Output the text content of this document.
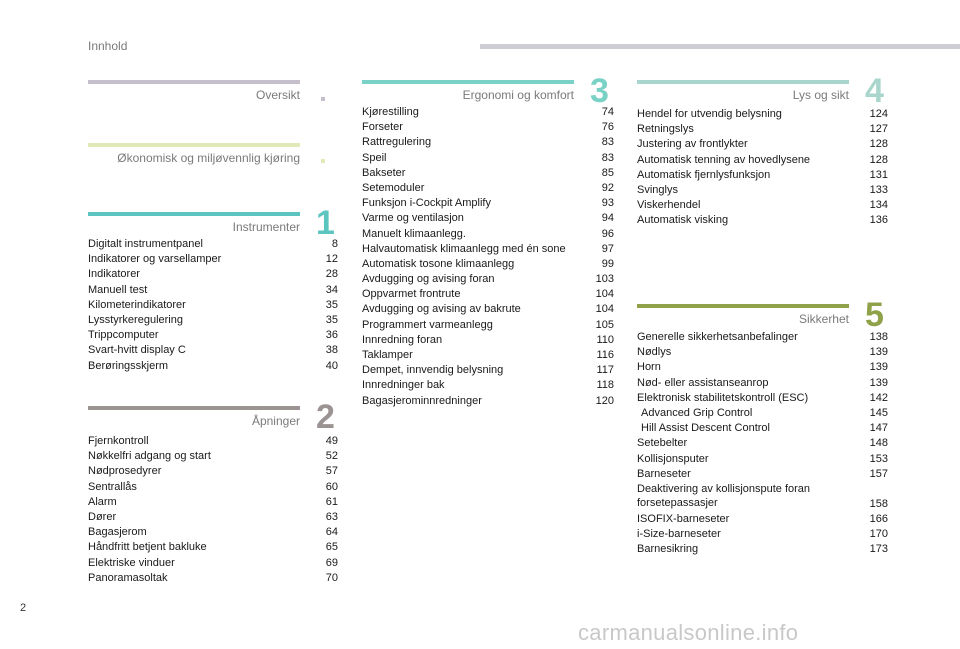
Innhold
Oversikt
Økonomisk og miljøvennlig kjøring
Instrumenter 1
Digitalt instrumentpanel	8
Indikatorer og varsellamper	12
Indikatorer	28
Manuell test	34
Kilometerindikatorer	35
Lysstyrkeregulering	35
Trippcomputer	36
Svart-hvitt display C	38
Berøringsskjerm	40
Åpninger 2
Fjernkontroll	49
Nøkkelfri adgang og start	52
Nødprosedyrer	57
Sentrallås	60
Alarm	61
Dører	63
Bagasjerom	64
Håndfritt betjent bakluke	65
Elektriske vinduer	69
Panoramasoltak	70
Ergonomi og komfort 3
Kjørestilling	74
Forseter	76
Rattregulering	83
Speil	83
Bakseter	85
Setemoduler	92
Funksjon i-Cockpit Amplify	93
Varme og ventilasjon	94
Manuelt klimaanlegg.	96
Halvautomatisk klimaanlegg med én sone	97
Automatisk tosone klimaanlegg	99
Avdugging og avising foran	103
Oppvarmet frontrute	104
Avdugging og avising av bakrute	104
Programmert varmeanlegg	105
Innredning foran	110
Taklamper	116
Dempet, innvendig belysning	117
Innredninger bak	118
Bagasjerominnredninger	120
Lys og sikt 4
Hendel for utvendig belysning	124
Retningslys	127
Justering av frontlykter	128
Automatisk tenning av hovedlysene	128
Automatisk fjernlysfunksjon	131
Svinglys	133
Viskerhendel	134
Automatisk visking	136
Sikkerhet 5
Generelle sikkerhetsanbefalinger	138
Nødlys	139
Horn	139
Nød- eller assistanseanrop	139
Elektronisk stabilitetskontroll (ESC)	142
Advanced Grip Control	145
Hill Assist Descent Control	147
Setebelter	148
Kollisjonsputer	153
Barneseter	157
Deaktivering av kollisjonspute foran forsetepassasjer	158
ISOFIX-barneseter	166
i-Size-barneseter	170
Barnesikring	173
2
carmanualsonline.info
